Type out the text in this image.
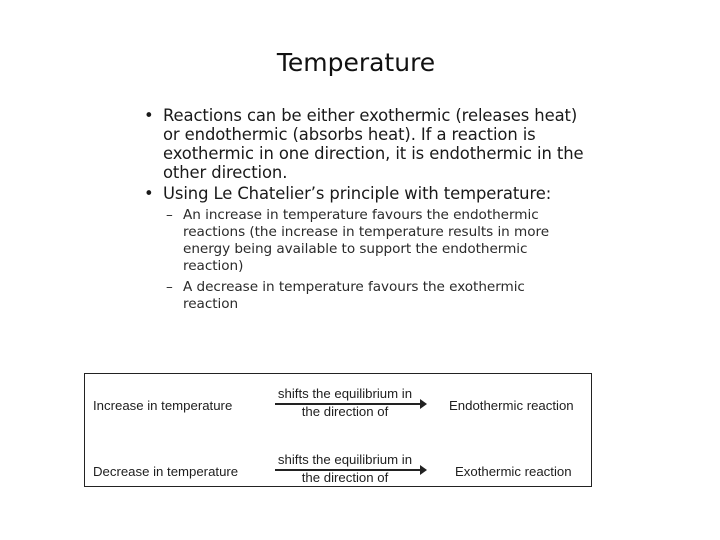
Temperature
• Reactions can be either exothermic (releases heat) or endothermic (absorbs heat). If a reaction is exothermic in one direction, it is endothermic in the other direction.
• Using Le Chatelier’s principle with temperature:
– An increase in temperature favours the endothermic reactions (the increase in temperature results in more energy being available to support the endothermic reaction)
– A decrease in temperature favours the exothermic reaction
Increase in temperature
shifts the equilibrium in
the direction of	Endothermic reaction
Decrease in temperature
shifts the equilibrium in
the direction of	Exothermic reaction
